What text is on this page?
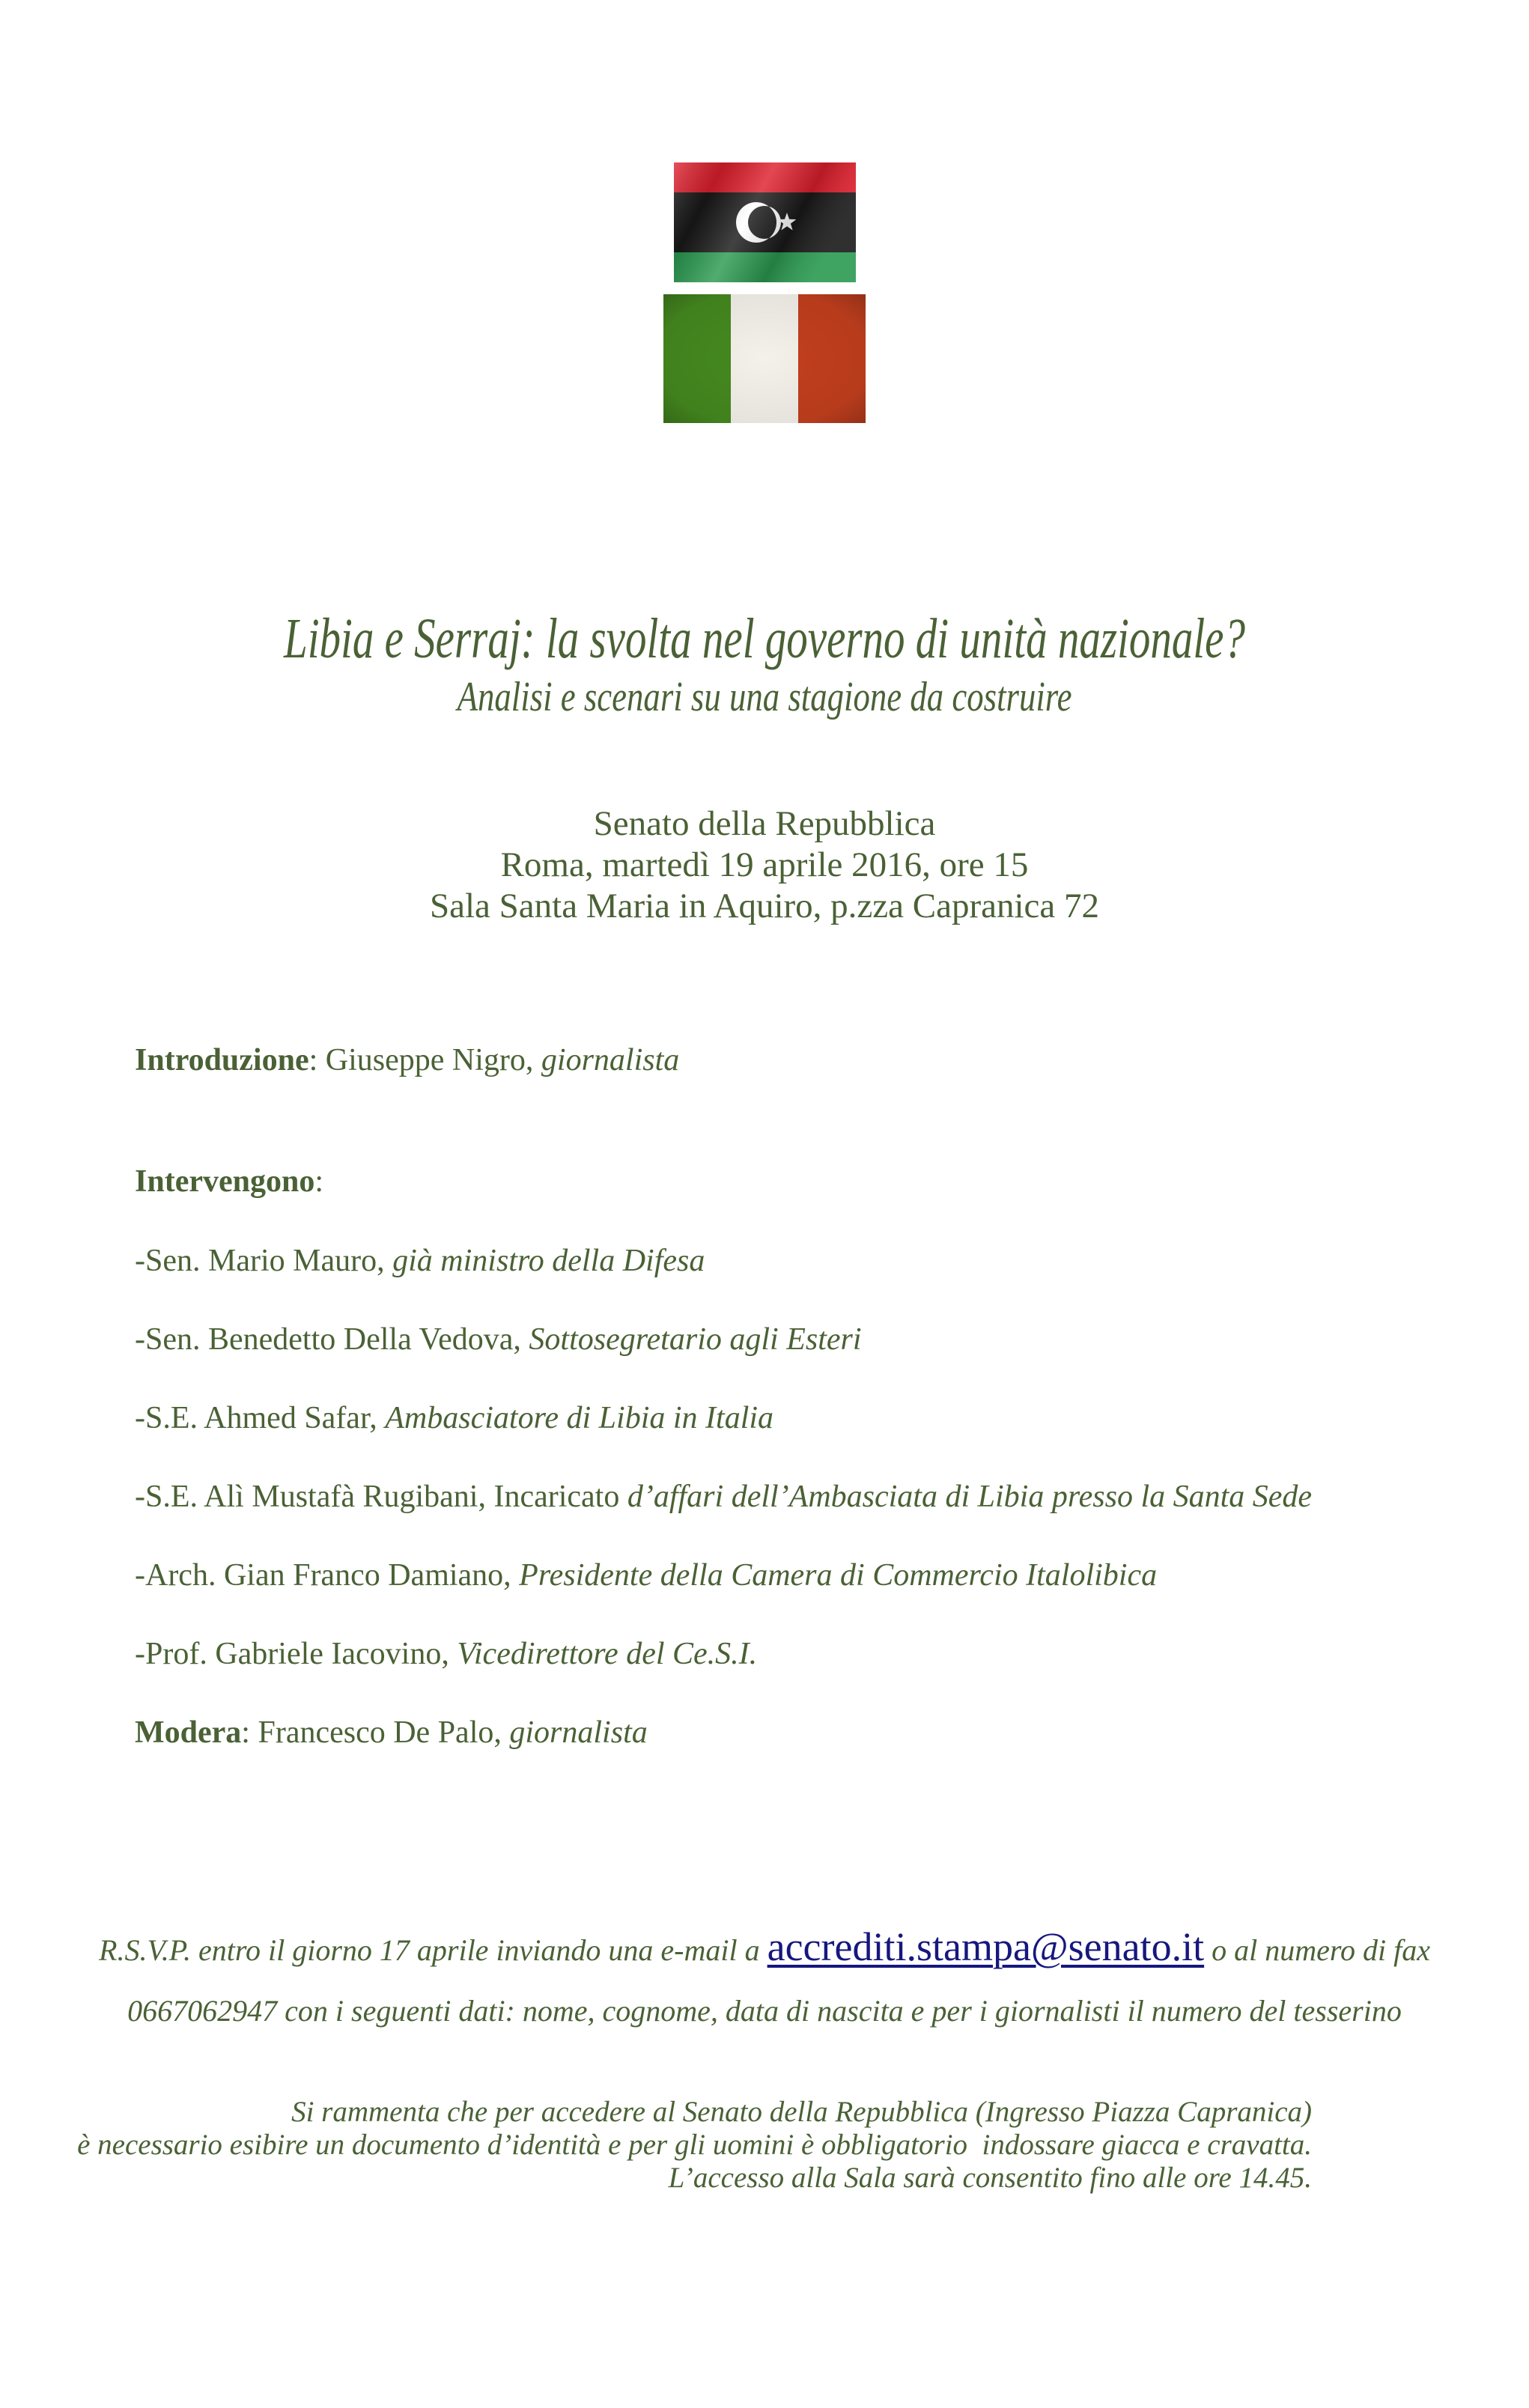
Libia e Serraj: la svolta nel governo di unità nazionale?
Analisi e scenari su una stagione da costruire
Senato della Repubblica
Roma, martedì 19 aprile 2016, ore 15
Sala Santa Maria in Aquiro, p.zza Capranica 72
Introduzione: Giuseppe Nigro, giornalista
Intervengono:
-Sen. Mario Mauro, già ministro della Difesa
-Sen. Benedetto Della Vedova, Sottosegretario agli Esteri
-S.E. Ahmed Safar, Ambasciatore di Libia in Italia
-S.E. Alì Mustafà Rugibani, Incaricato d’affari dell’Ambasciata di Libia presso la Santa Sede
-Arch. Gian Franco Damiano, Presidente della Camera di Commercio Italolibica
-Prof. Gabriele Iacovino, Vicedirettore del Ce.S.I.
Modera: Francesco De Palo, giornalista
R.S.V.P. entro il giorno 17 aprile inviando una e-mail a accrediti.stampa@senato.it o al numero di fax
0667062947 con i seguenti dati: nome, cognome, data di nascita e per i giornalisti il numero del tesserino
Si rammenta che per accedere al Senato della Repubblica (Ingresso Piazza Capranica)
è necessario esibire un documento d’identità e per gli uomini è obbligatorio  indossare giacca e cravatta.
L’accesso alla Sala sarà consentito fino alle ore 14.45.
